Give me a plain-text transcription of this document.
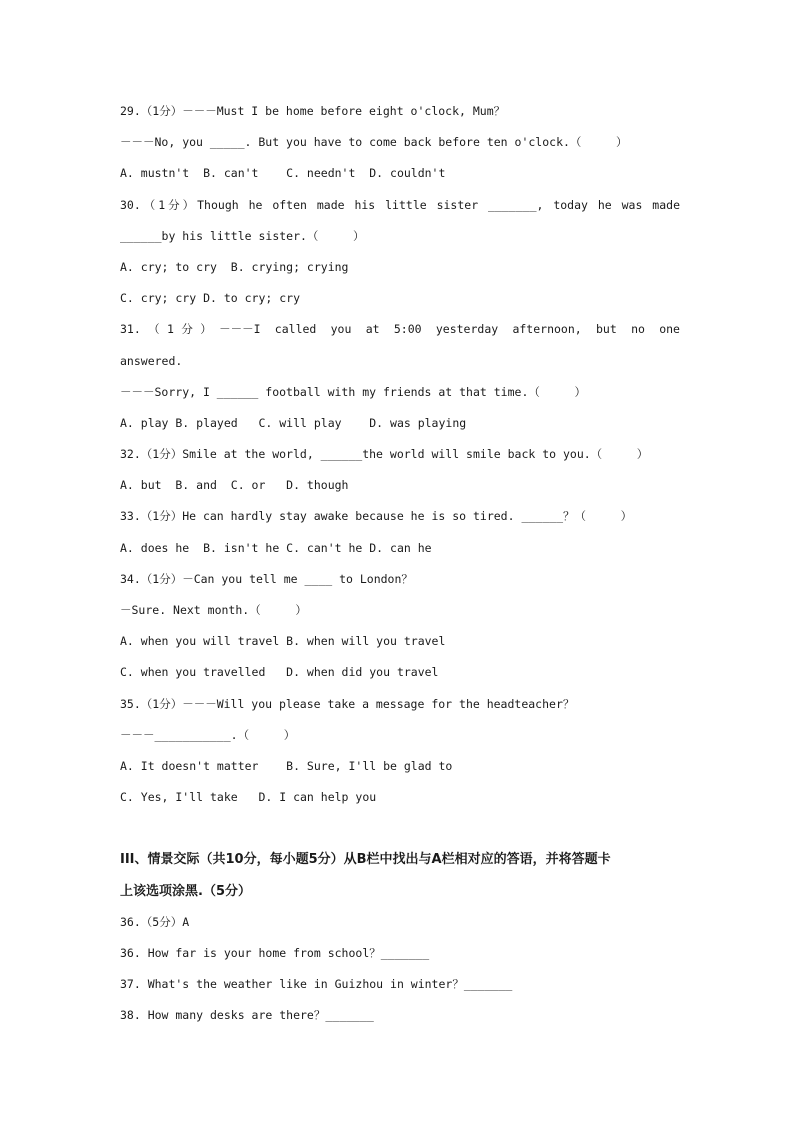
29.（1分）－－－Must I be home before eight o'clock, Mum？
－－－No, you _____. But you have to come back before ten o'clock.（     ）
A. mustn't  B. can't    C. needn't  D. couldn't
30.（1分）Though he often made his little sister _______, today he was made
______by his little sister.（     ）
A. cry; to cry  B. crying; crying
C. cry; cry D. to cry; cry
31.（1分）－－－I called you at 5:00 yesterday afternoon, but no one
answered.
－－－Sorry, I ______ football with my friends at that time.（     ）
A. play B. played   C. will play    D. was playing
32.（1分）Smile at the world, ______the world will smile back to you.（     ）
A. but  B. and  C. or   D. though
33.（1分）He can hardly stay awake because he is so tired. ______？（     ）
A. does he  B. isn't he C. can't he D. can he
34.（1分）－Can you tell me ____ to London？
－Sure. Next month.（     ）
A. when you will travel B. when will you travel
C. when you travelled   D. when did you travel
35.（1分）－－－Will you please take a message for the headteacher？
－－－___________.（     ）
A. It doesn't matter    B. Sure, I'll be glad to
C. Yes, I'll take   D. I can help you
III、情景交际（共10分，每小题5分）从B栏中找出与A栏相对应的答语，并将答题卡
上该选项涂黑.（5分）
36.（5分）A
36. How far is your home from school？_______
37. What's the weather like in Guizhou in winter？_______
38. How many desks are there？_______
